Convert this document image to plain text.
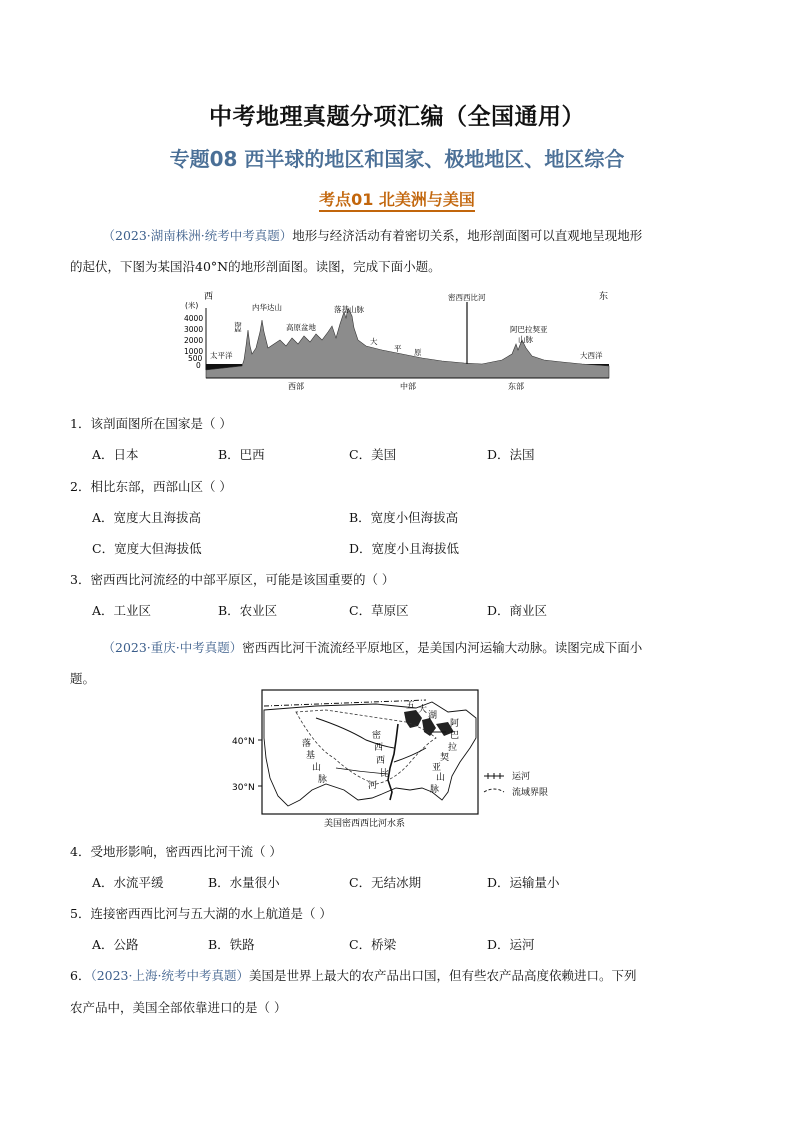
中考地理真题分项汇编（全国通用）
专题08 西半球的地区和国家、极地地区、地区综合
考点01 北美洲与美国
（2023·湖南株洲·统考中考真题）地形与经济活动有着密切关系，地形剖面图可以直观地呈现地形
的起伏，下图为某国沿40°N的地形剖面图。读图，完成下面小题。
西	东
(米)
4000
3000
2000
1000
500
0
太平洋
海岸山脉
内华达山
高原盆地
落基山脉
大
平 原
密西西比河
阿巴拉契亚
山脉
大西洋
西部	中部	东部
1．该剖面图所在国家是（ ）
A．日本	B．巴西	C．美国	D．法国
2．相比东部，西部山区（ ）
A．宽度大且海拔高	B．宽度小但海拔高
C．宽度大但海拔低	D．宽度小且海拔低
3．密西西比河流经的中部平原区，可能是该国重要的（ ）
A．工业区	B．农业区	C．草原区	D．商业区
（2023·重庆·中考真题）密西西比河干流流经平原地区，是美国内河运输大动脉。读图完成下面小
题。
40°N
30°N
落
基
山
脉
五 大
湖
密
西
西
比
河
阿
巴
拉
契
亚
山
脉
美国密西西比河水系
运河
流域界限
4．受地形影响，密西西比河干流（ ）
A．水流平缓	B．水量很小	C．无结冰期	D．运输量小
5．连接密西西比河与五大湖的水上航道是（ ）
A．公路	B．铁路	C．桥梁	D．运河
6．（2023·上海·统考中考真题）美国是世界上最大的农产品出口国，但有些农产品高度依赖进口。下列
农产品中，美国全部依靠进口的是（ ）
